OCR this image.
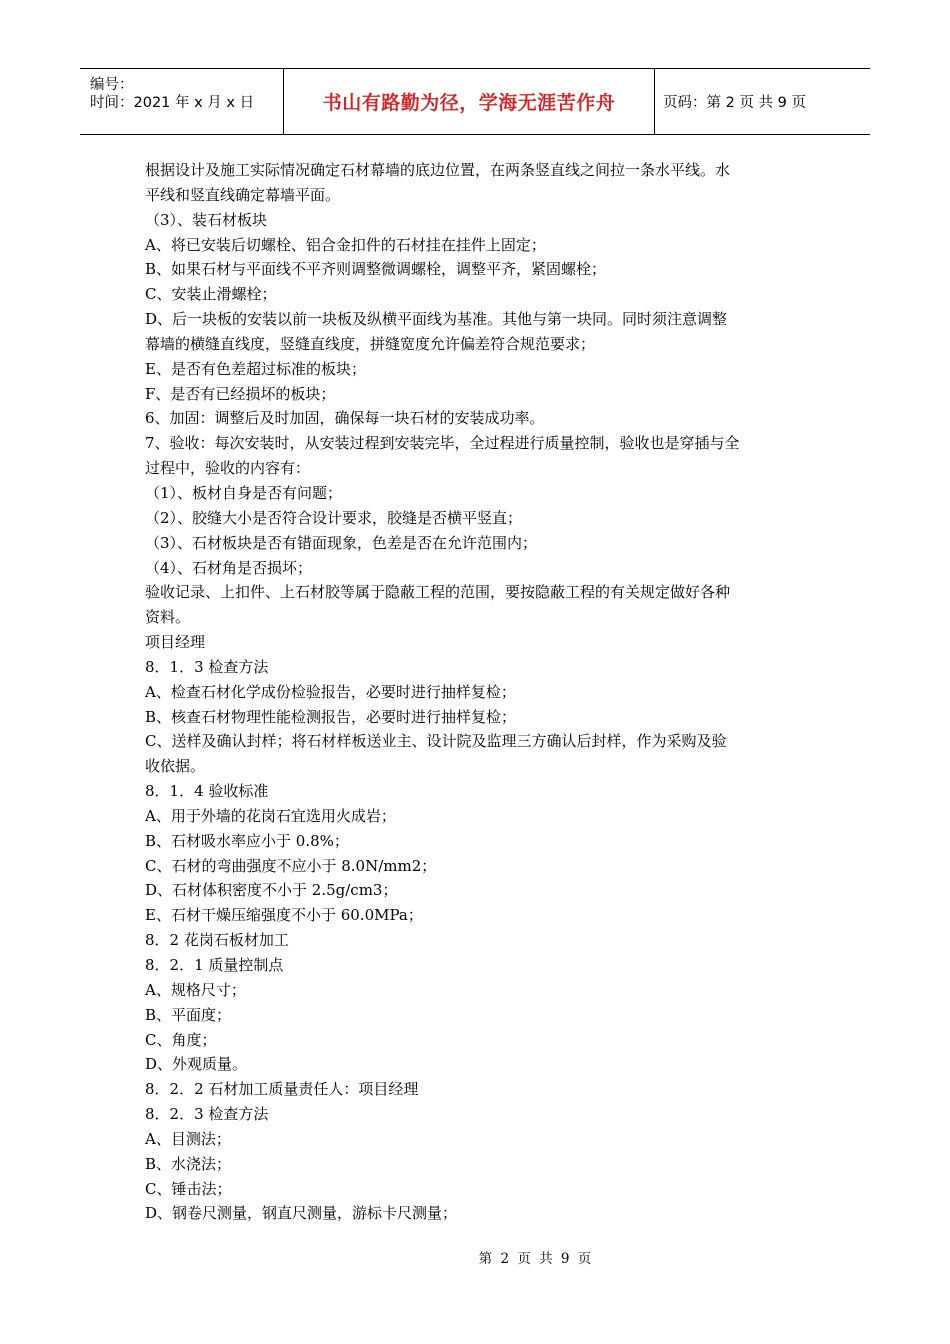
编号：
时间：2021 年 x 月 x 日	书山有路勤为径，学海无涯苦作舟	页码：第 2 页 共 9 页
根据设计及施工实际情况确定石材幕墙的底边位置，在两条竖直线之间拉一条水平线。水
平线和竖直线确定幕墙平面。
（3）、装石材板块
A、将已安装后切螺栓、铝合金扣件的石材挂在挂件上固定；
B、如果石材与平面线不平齐则调整微调螺栓，调整平齐，紧固螺栓；
C、安装止滑螺栓；
D、后一块板的安装以前一块板及纵横平面线为基准。其他与第一块同。同时须注意调整
幕墙的横缝直线度，竖缝直线度，拼缝宽度允许偏差符合规范要求；
E、是否有色差超过标准的板块；
F、是否有已经损坏的板块；
6、加固：调整后及时加固，确保每一块石材的安装成功率。
7、验收：每次安装时，从安装过程到安装完毕，全过程进行质量控制，验收也是穿插与全
过程中，验收的内容有：
（1）、板材自身是否有问题；
（2）、胶缝大小是否符合设计要求，胶缝是否横平竖直；
（3）、石材板块是否有错面现象，色差是否在允许范围内；
（4）、石材角是否损坏；
验收记录、上扣件、上石材胶等属于隐蔽工程的范围，要按隐蔽工程的有关规定做好各种
资料。
项目经理
8．1．3 检查方法
A、检查石材化学成份检验报告，必要时进行抽样复检；
B、核查石材物理性能检测报告，必要时进行抽样复检；
C、送样及确认封样；将石材样板送业主、设计院及监理三方确认后封样，作为采购及验
收依据。
8．1．4 验收标准
A、用于外墙的花岗石宜选用火成岩；
B、石材吸水率应小于 0.8%；
C、石材的弯曲强度不应小于 8.0N/mm2；
D、石材体积密度不小于 2.5g/cm3；
E、石材干燥压缩强度不小于 60.0MPa；
8．2 花岗石板材加工
8．2．1 质量控制点
A、规格尺寸；
B、平面度；
C、角度；
D、外观质量。
8．2．2 石材加工质量责任人：项目经理
8．2．3 检查方法
A、目测法；
B、水浇法；
C、锤击法；
D、钢卷尺测量，钢直尺测量，游标卡尺测量；
第 2 页 共 9 页
